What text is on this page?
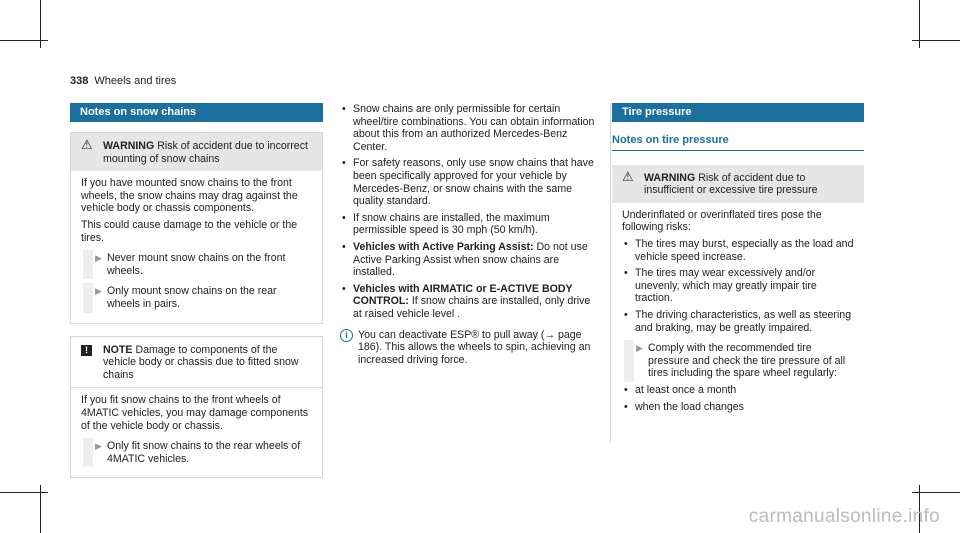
338 Wheels and tires
Notes on snow chains
⚠ WARNING Risk of accident due to incorrect mounting of snow chains

If you have mounted snow chains to the front wheels, the snow chains may drag against the vehicle body or chassis components.

This could cause damage to the vehicle or the tires.

▶ Never mount snow chains on the front wheels.
▶ Only mount snow chains on the rear wheels in pairs.
!	NOTE Damage to components of the vehicle body or chassis due to fitted snow chains

If you fit snow chains to the front wheels of 4MATIC vehicles, you may damage components of the vehicle body or chassis.

▶ Only fit snow chains to the rear wheels of 4MATIC vehicles.
• Snow chains are only permissible for certain wheel/tire combinations. You can obtain information about this from an authorized Mercedes-Benz Center.
• For safety reasons, only use snow chains that have been specifically approved for your vehicle by Mercedes-Benz, or snow chains with the same quality standard.
• If snow chains are installed, the maximum permissible speed is 30 mph (50 km/h).
• Vehicles with Active Parking Assist: Do not use Active Parking Assist when snow chains are installed.
• Vehicles with AIRMATIC or E-ACTIVE BODY CONTROL: If snow chains are installed, only drive at raised vehicle level .
i You can deactivate ESP® to pull away (→ page 186). This allows the wheels to spin, achieving an increased driving force.
Tire pressure
Notes on tire pressure
⚠ WARNING Risk of accident due to insufficient or excessive tire pressure

Underinflated or overinflated tires pose the following risks:

• The tires may burst, especially as the load and vehicle speed increase.
• The tires may wear excessively and/or unevenly, which may greatly impair tire traction.
• The driving characteristics, as well as steering and braking, may be greatly impaired.
▶ Comply with the recommended tire pressure and check the tire pressure of all tires including the spare wheel regularly:
• at least once a month
• when the load changes
carmanualsonline.info
